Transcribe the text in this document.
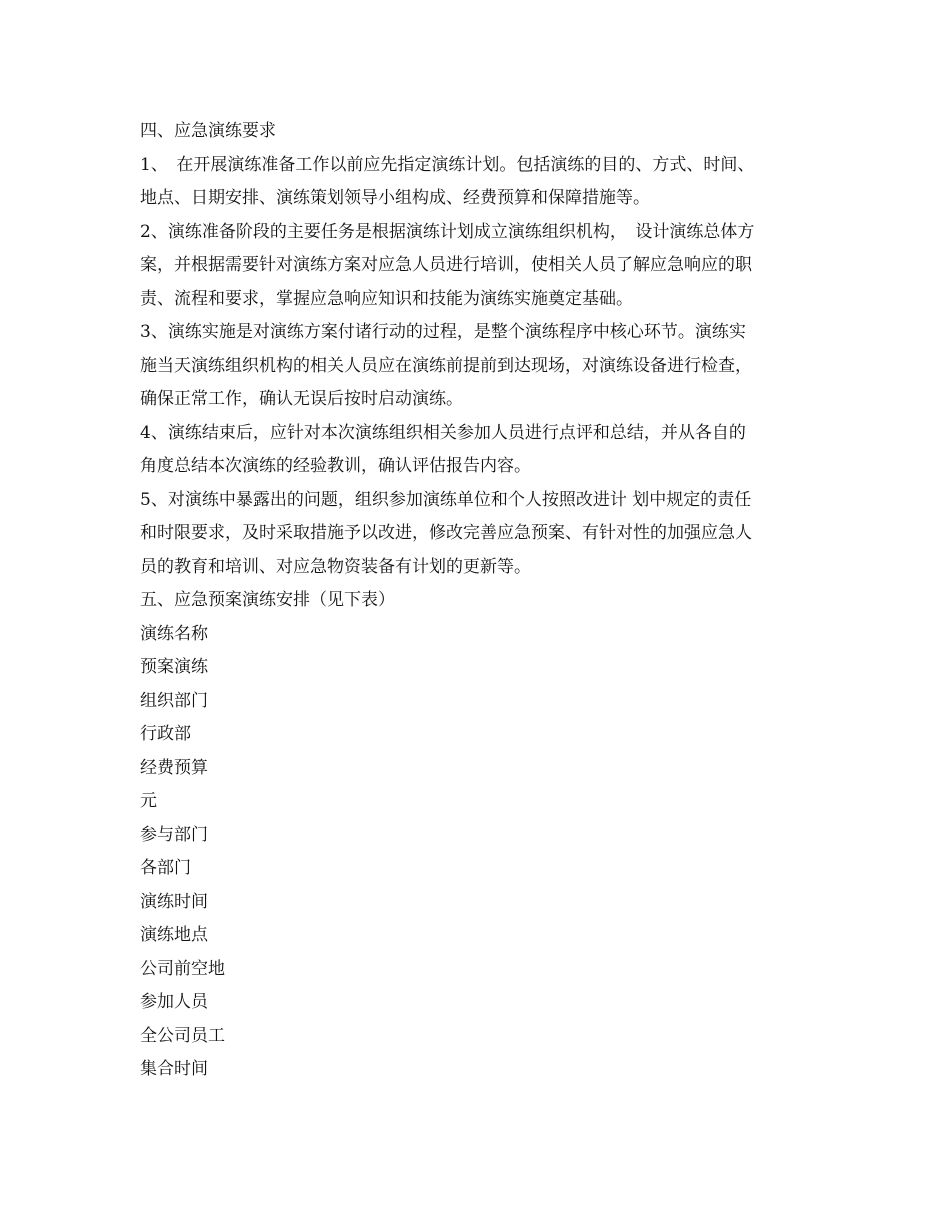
四、应急演练要求
1、　在开展演练准备工作以前应先指定演练计划。包括演练的目的、方式、时间、
地点、日期安排、演练策划领导小组构成、经费预算和保障措施等。
2、演练准备阶段的主要任务是根据演练计划成立演练组织机构，　设计演练总体方
案，并根据需要针对演练方案对应急人员进行培训，使相关人员了解应急响应的职
责、流程和要求，掌握应急响应知识和技能为演练实施奠定基础。
3、演练实施是对演练方案付诸行动的过程，是整个演练程序中核心环节。演练实
施当天演练组织机构的相关人员应在演练前提前到达现场，对演练设备进行检查，
确保正常工作，确认无误后按时启动演练。
4、演练结束后，应针对本次演练组织相关参加人员进行点评和总结，并从各自的
角度总结本次演练的经验教训，确认评估报告内容。
5、对演练中暴露出的问题，组织参加演练单位和个人按照改进计 划中规定的责任
和时限要求，及时采取措施予以改进，修改完善应急预案、有针对性的加强应急人
员的教育和培训、对应急物资装备有计划的更新等。
五、应急预案演练安排（见下表）
演练名称
预案演练
组织部门
行政部
经费预算
元
参与部门
各部门
演练时间
演练地点
公司前空地
参加人员
全公司员工
集合时间
